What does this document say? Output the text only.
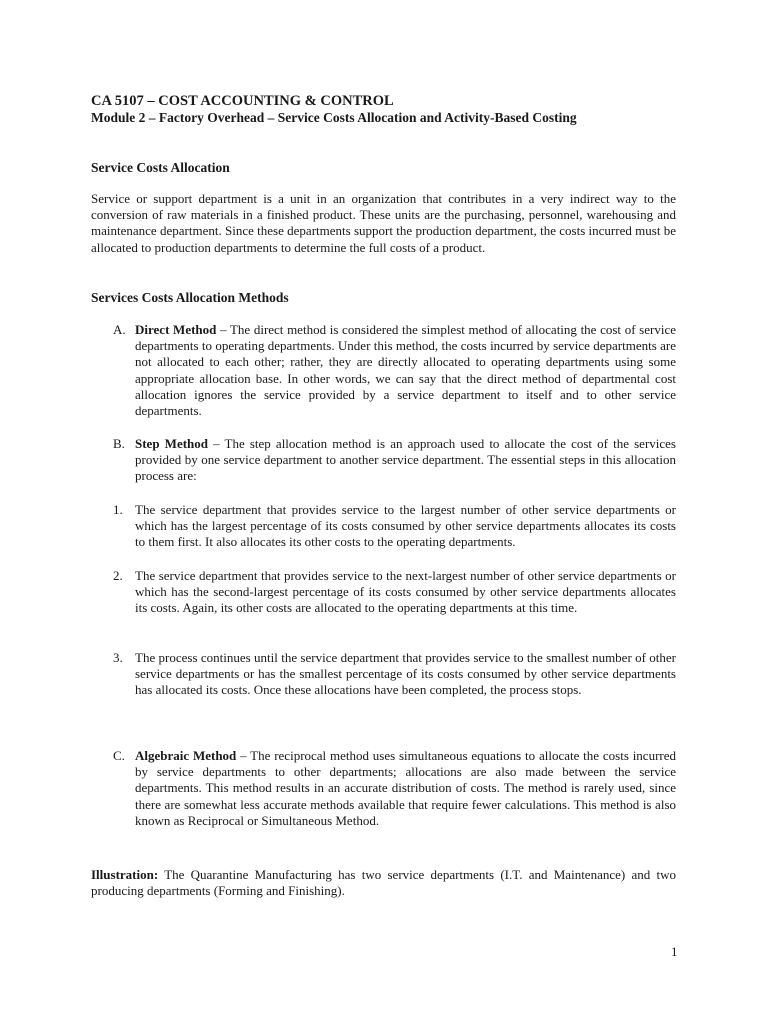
CA 5107 – COST ACCOUNTING & CONTROL
Module 2 – Factory Overhead – Service Costs Allocation and Activity-Based Costing
Service Costs Allocation
Service or support department is a unit in an organization that contributes in a very indirect way to the conversion of raw materials in a finished product. These units are the purchasing, personnel, warehousing and maintenance department. Since these departments support the production department, the costs incurred must be allocated to production departments to determine the full costs of a product.
Services Costs Allocation Methods
A. Direct Method – The direct method is considered the simplest method of allocating the cost of service departments to operating departments. Under this method, the costs incurred by service departments are not allocated to each other; rather, they are directly allocated to operating departments using some appropriate allocation base. In other words, we can say that the direct method of departmental cost allocation ignores the service provided by a service department to itself and to other service departments.
B. Step Method – The step allocation method is an approach used to allocate the cost of the services provided by one service department to another service department. The essential steps in this allocation process are:
1. The service department that provides service to the largest number of other service departments or which has the largest percentage of its costs consumed by other service departments allocates its costs to them first. It also allocates its other costs to the operating departments.
2. The service department that provides service to the next-largest number of other service departments or which has the second-largest percentage of its costs consumed by other service departments allocates its costs. Again, its other costs are allocated to the operating departments at this time.
3. The process continues until the service department that provides service to the smallest number of other service departments or has the smallest percentage of its costs consumed by other service departments has allocated its costs. Once these allocations have been completed, the process stops.
C. Algebraic Method – The reciprocal method uses simultaneous equations to allocate the costs incurred by service departments to other departments; allocations are also made between the service departments. This method results in an accurate distribution of costs. The method is rarely used, since there are somewhat less accurate methods available that require fewer calculations. This method is also known as Reciprocal or Simultaneous Method.
Illustration: The Quarantine Manufacturing has two service departments (I.T. and Maintenance) and two producing departments (Forming and Finishing).
1
